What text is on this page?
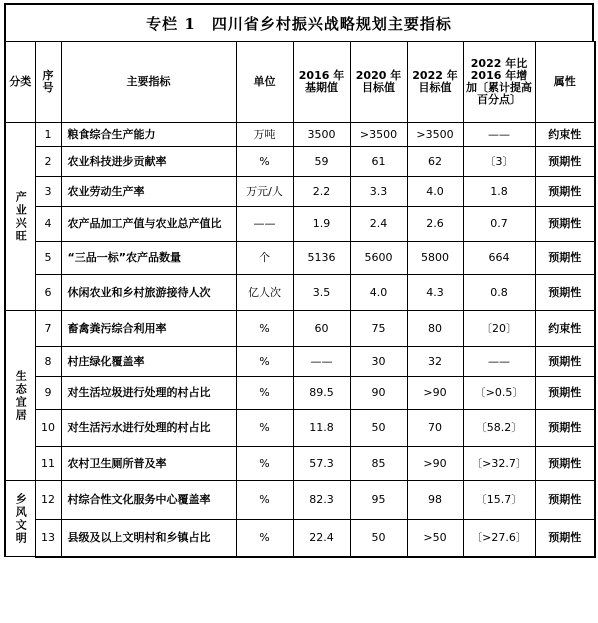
专栏 1　四川省乡村振兴战略规划主要指标
分类	序号	主要指标	单位	2016 年基期值	2020 年目标值	2022 年目标值	2022 年比 2016 年增加〔累计提高百分点〕	属性
产业兴旺	1	粮食综合生产能力	万吨	3500	>3500	>3500	——	约束性
	2	农业科技进步贡献率	%	59	61	62	〔3〕	预期性
	3	农业劳动生产率	万元/人	2.2	3.3	4.0	1.8	预期性
	4	农产品加工产值与农业总产值比	——	1.9	2.4	2.6	0.7	预期性
	5	“三品一标”农产品数量	个	5136	5600	5800	664	预期性
	6	休闲农业和乡村旅游接待人次	亿人次	3.5	4.0	4.3	0.8	预期性
生态宜居	7	畜禽粪污综合利用率	%	60	75	80	〔20〕	约束性
	8	村庄绿化覆盖率	%	——	30	32	——	预期性
	9	对生活垃圾进行处理的村占比	%	89.5	90	>90	〔>0.5〕	预期性
	10	对生活污水进行处理的村占比	%	11.8	50	70	〔58.2〕	预期性
	11	农村卫生厕所普及率	%	57.3	85	>90	〔>32.7〕	预期性
乡风文明	12	村综合性文化服务中心覆盖率	%	82.3	95	98	〔15.7〕	预期性
	13	县级及以上文明村和乡镇占比	%	22.4	50	>50	〔>27.6〕	预期性
